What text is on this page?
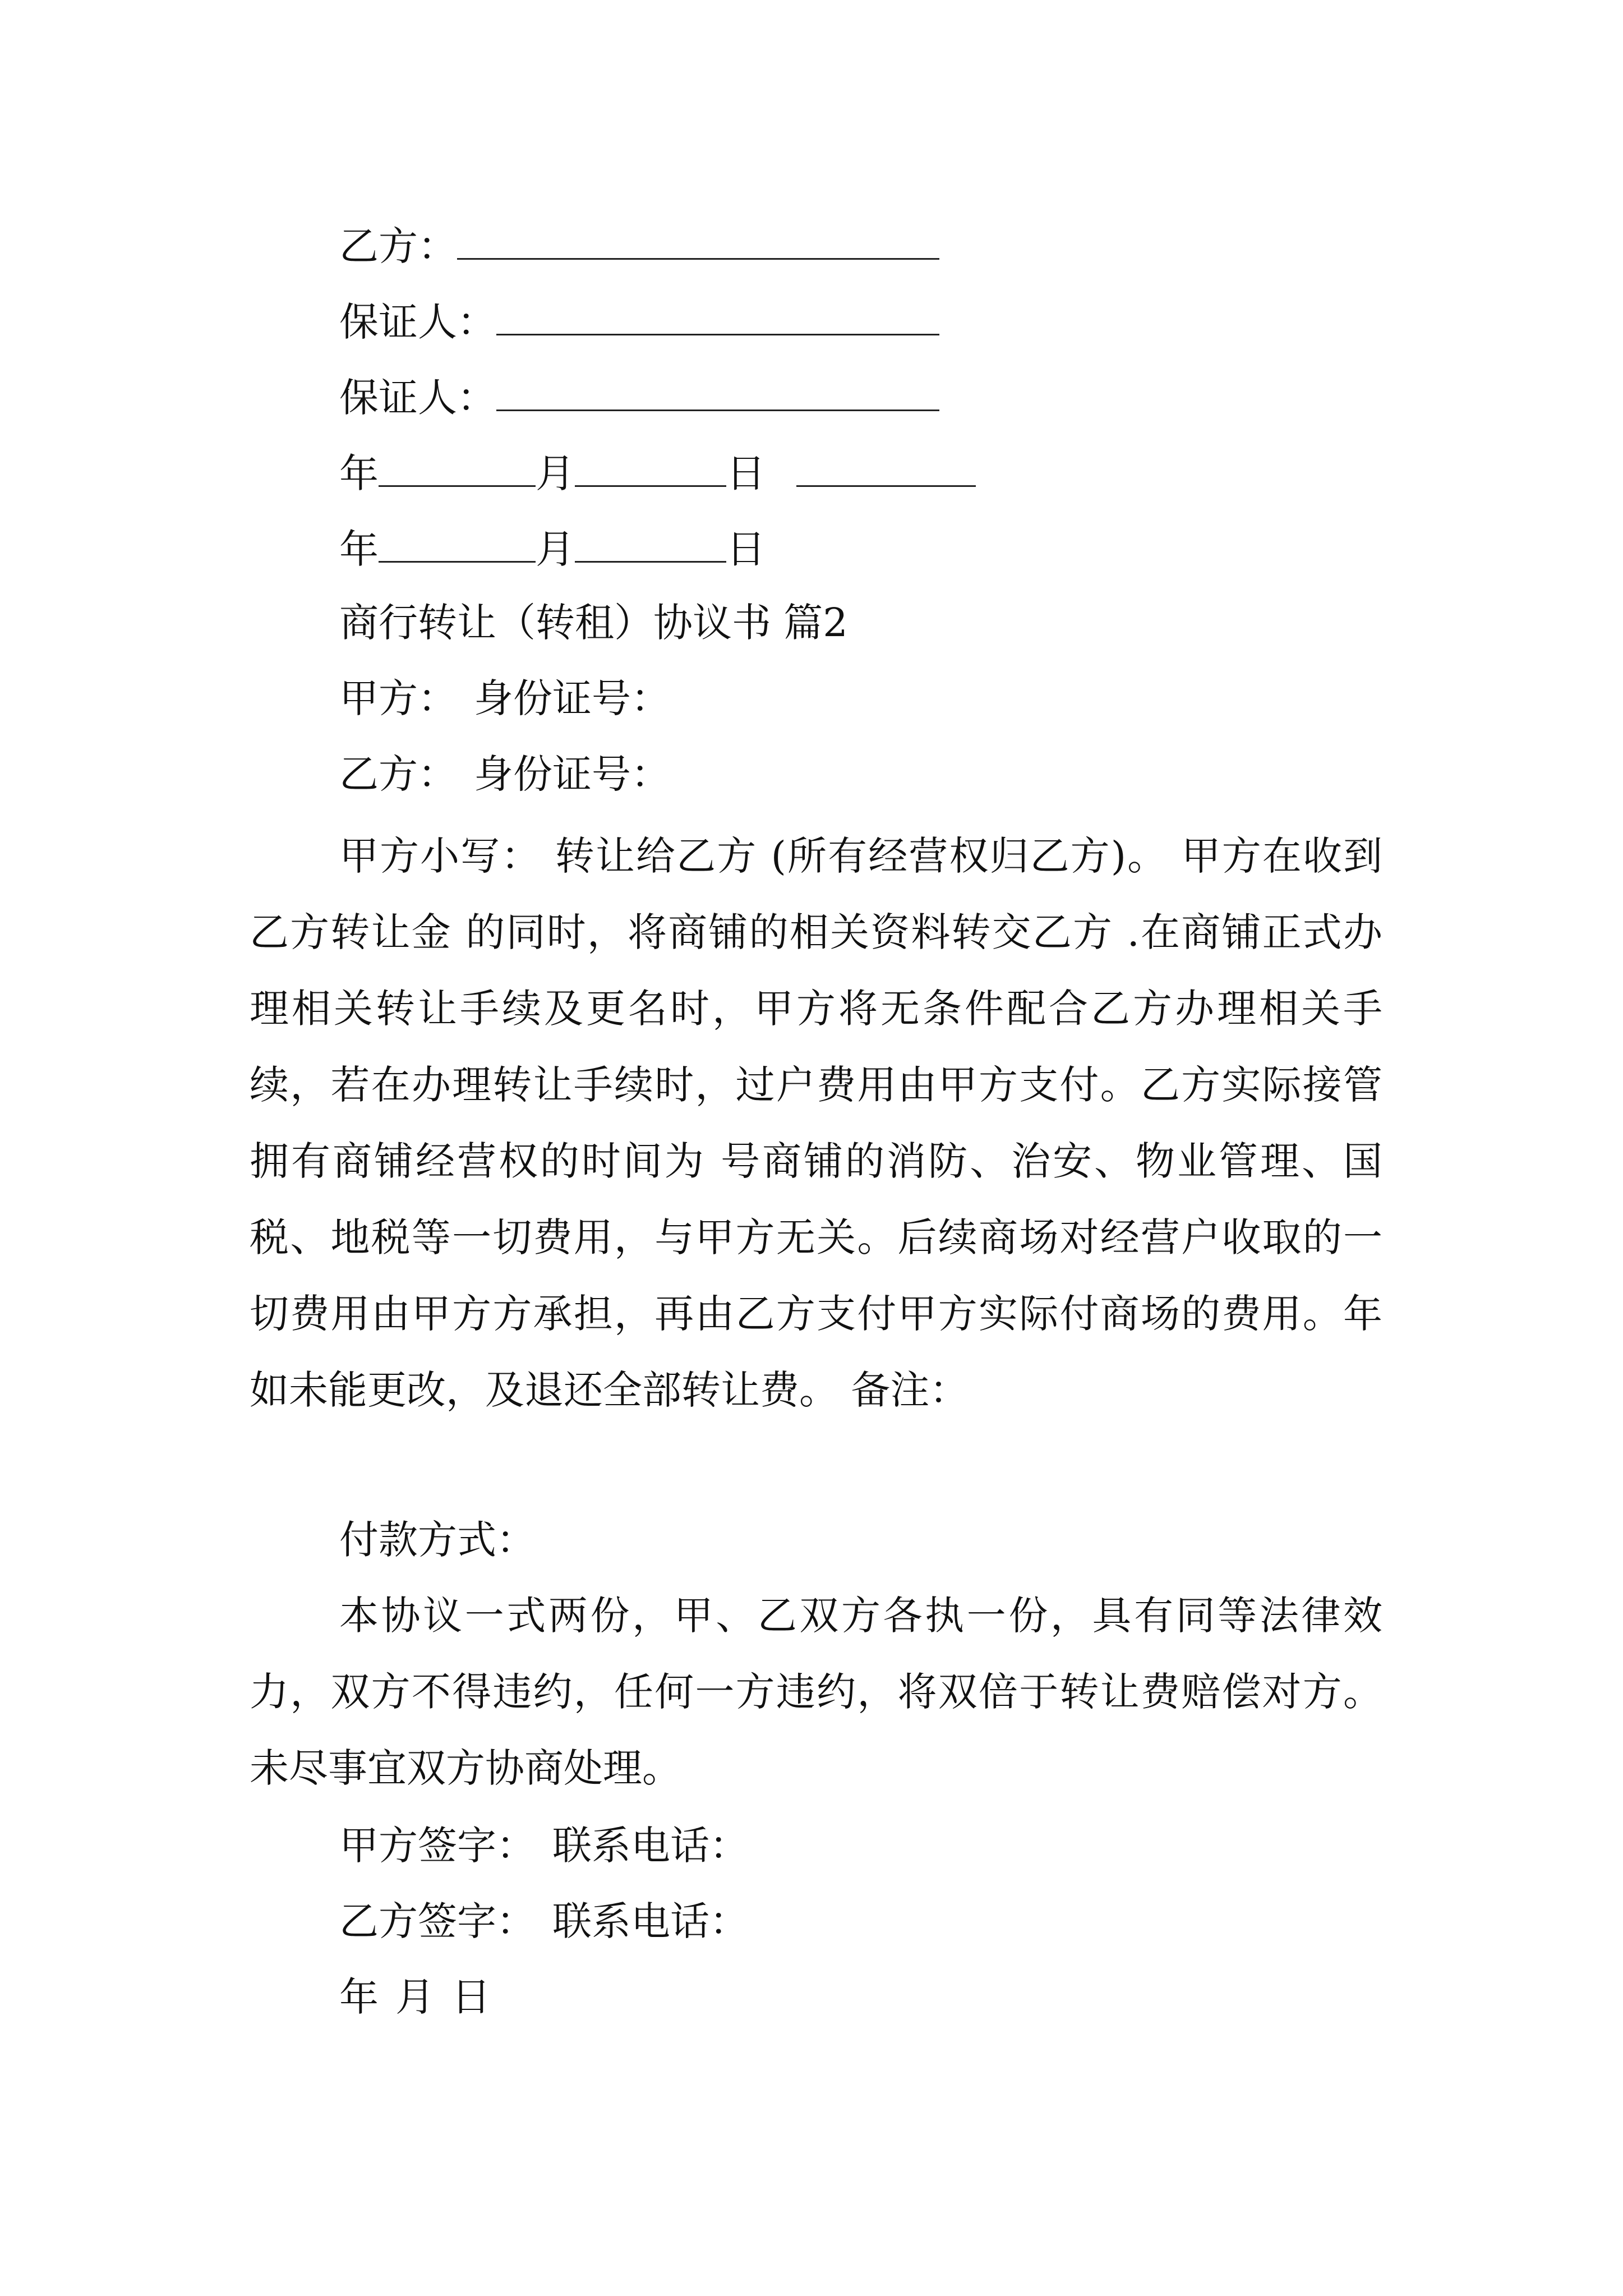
乙方：
保证人：
保证人：
年	月	日
年	月	日
商行转让（转租）协议书 篇2
甲方： 身份证号：
乙方： 身份证号：

甲方小写： 转让给乙方 (所有经营权归乙方)。 甲方在收到乙方转让金 的同时，将商铺的相关资料转交乙方 .在商铺正式办理相关转让手续及更名时，甲方将无条件配合乙方办理相关手续，若在办理转让手续时，过户费用由甲方支付。乙方实际接管拥有商铺经营权的时间为 号商铺的消防、治安、物业管理、国税、地税等一切费用，与甲方无关。后续商场对经营户收取的一切费用由甲方方承担，再由乙方支付甲方实际付商场的费用。年如未能更改，及退还全部转让费。 备注：

付款方式：

本协议一式两份，甲、乙双方各执一份，具有同等法律效力，双方不得违约，任何一方违约，将双倍于转让费赔偿对方。未尽事宜双方协商处理。

甲方签字： 联系电话：
乙方签字： 联系电话：
年 月 日
